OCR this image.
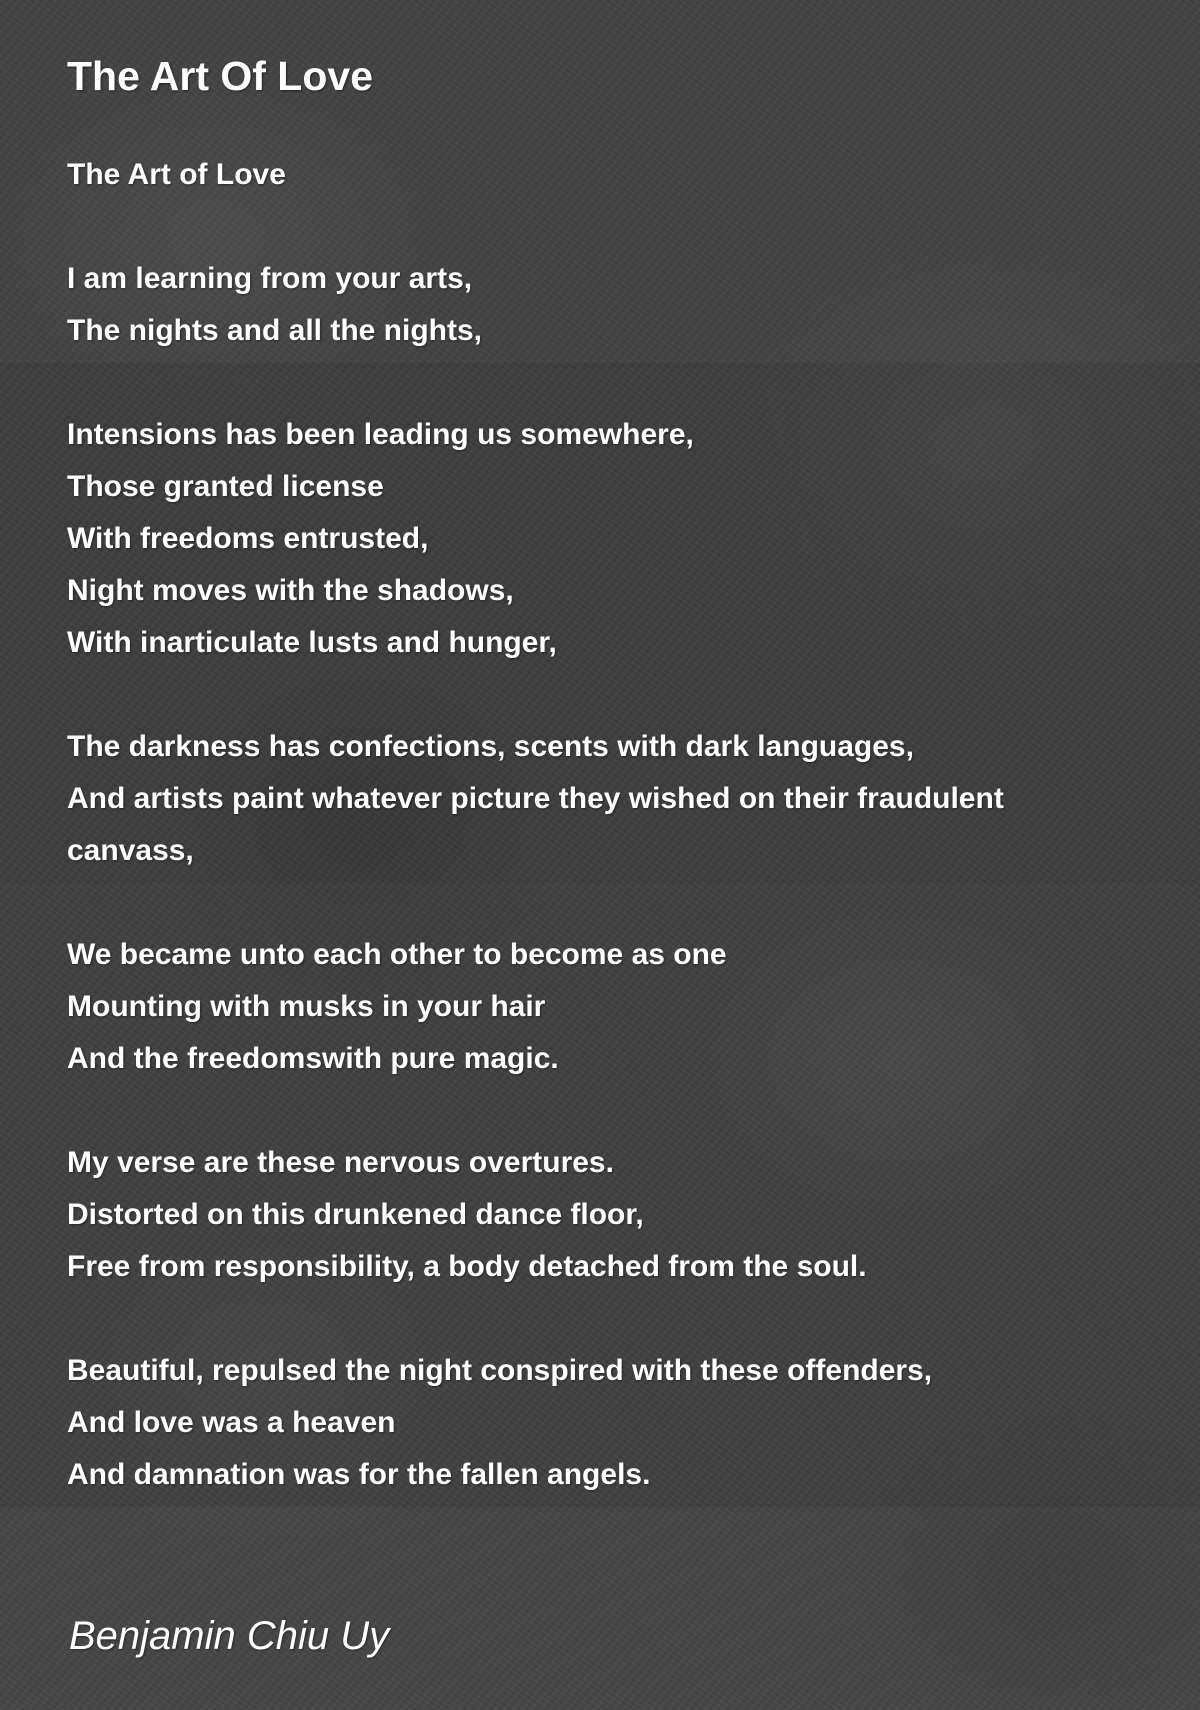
The Art Of Love
The Art of Love
I am learning from your arts,
The nights and all the nights,
Intensions has been leading us somewhere,
Those granted license
With freedoms entrusted,
Night moves with the shadows,
With inarticulate lusts and hunger,
The darkness has confections, scents with dark languages,
And artists paint whatever picture they wished on their fraudulent
canvass,
We became unto each other to become as one
Mounting with musks in your hair
And the freedomswith pure magic.
My verse are these nervous overtures.
Distorted on this drunkened dance floor,
Free from responsibility, a body detached from the soul.
Beautiful, repulsed the night conspired with these offenders,
And love was a heaven
And damnation was for the fallen angels.
Benjamin Chiu Uy
